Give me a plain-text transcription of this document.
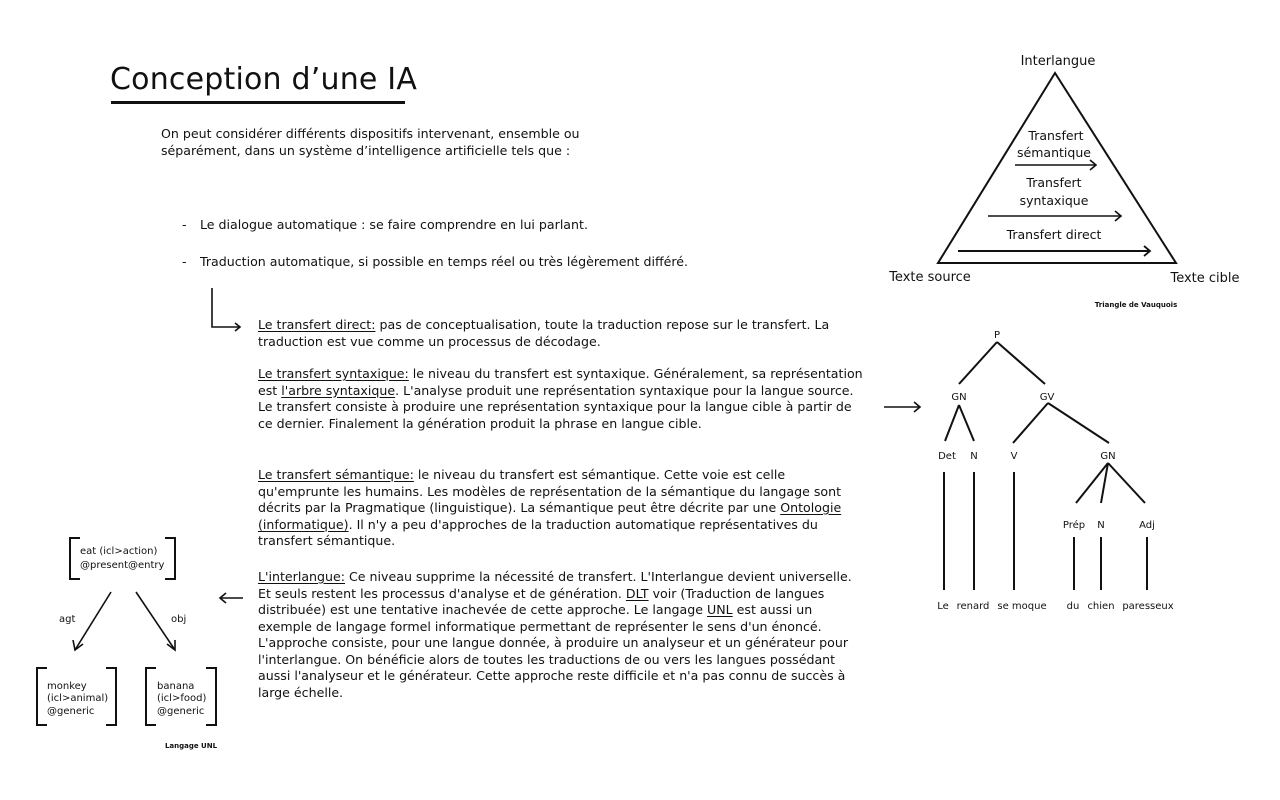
Conception d’une IA
On peut considérer différents dispositifs intervenant, ensemble ou séparément, dans un système d’intelligence artificielle tels que :
- Le dialogue automatique : se faire comprendre en lui parlant.
- Traduction automatique, si possible en temps réel ou très légèrement différé.

Le transfert direct: pas de conceptualisation, toute la traduction repose sur le transfert. La traduction est vue comme un processus de décodage.

Le transfert syntaxique: le niveau du transfert est syntaxique. Généralement, sa représentation est l'arbre syntaxique. L'analyse produit une représentation syntaxique pour la langue source. Le transfert consiste à produire une représentation syntaxique pour la langue cible à partir de ce dernier. Finalement la génération produit la phrase en langue cible.

Le transfert sémantique: le niveau du transfert est sémantique. Cette voie est celle qu'emprunte les humains. Les modèles de représentation de la sémantique du langage sont décrits par la Pragmatique (linguistique). La sémantique peut être décrite par une Ontologie (informatique). Il n'y a peu d'approches de la traduction automatique représentatives du transfert sémantique.

L'interlangue: Ce niveau supprime la nécessité de transfert. L'Interlangue devient universelle. Et seuls restent les processus d'analyse et de génération. DLT voir (Traduction de langues distribuée) est une tentative inachevée de cette approche. Le langage UNL est aussi un exemple de langage formel informatique permettant de représenter le sens d'un énoncé. L'approche consiste, pour une langue donnée, à produire un analyseur et un générateur pour l'interlangue. On bénéficie alors de toutes les traductions de ou vers les langues possédant aussi l'analyseur et le générateur. Cette approche reste difficile et n'a pas connu de succès à large échelle.

Interlangue
Texte source	Texte cible
Transfert
sémantique
Transfert
syntaxique
Transfert direct
Triangle de Vauquois
P
GN	GV
Det N	V	GN
Prép N	Adj
Le renard se moque du chien paresseux
eat (icl>action)
@present@entry
monkey
(icl>animal)
@generic
banana
(icl>food)
@generic
agt	obj
Langage UNL
